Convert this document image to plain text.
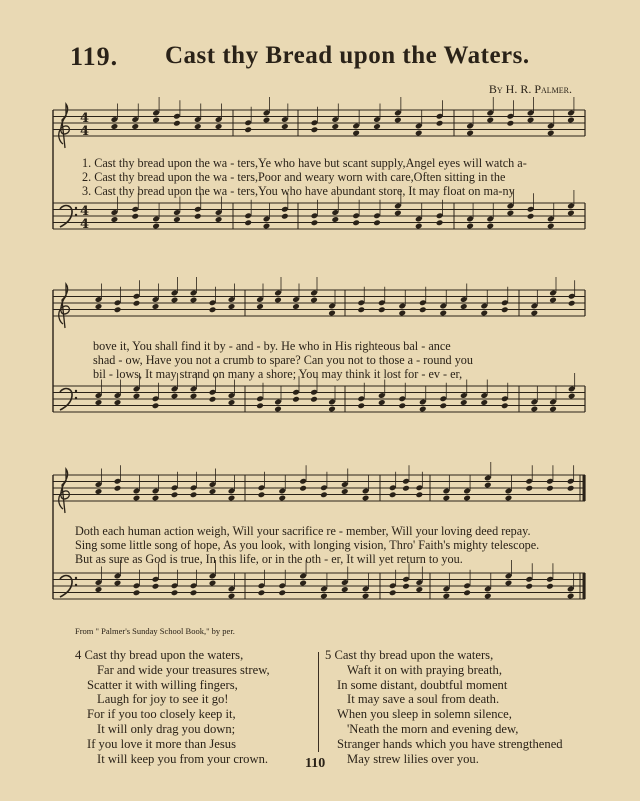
119. Cast thy Bread upon the Waters.
By H. R. Palmer.
4
4
4
4
1. Cast thy bread upon the wa - ters,Ye who have but scant supply,Angel eyes will watch a-
2. Cast thy bread upon the wa - ters,Poor and weary worn with care,Often sitting in the
3. Cast thy bread upon the wa - ters,You who have abundant store, It may float on ma-ny
bove it, You shall find it by - and - by. He who in His righteous bal - ance
shad - ow, Have you not a crumb to spare? Can you not to those a - round you
bil - lows, It may strand on many a shore; You may think it lost for - ev - er,
Doth each human action weigh, Will your sacrifice re - member, Will your loving deed repay.
Sing some little song of hope, As you look, with longing vision, Thro' Faith's mighty telescope.
But as sure as God is true, In this life, or in the oth - er, It will yet return to you.
From " Palmer's Sunday School Book," by per.
4 Cast thy bread upon the waters,
Far and wide your treasures strew,
Scatter it with willing fingers,
Laugh for joy to see it go!
For if you too closely keep it,
It will only drag you down;
If you love it more than Jesus
It will keep you from your crown.
5 Cast thy bread upon the waters,
Waft it on with praying breath,
In some distant, doubtful moment
It may save a soul from death.
When you sleep in solemn silence,
'Neath the morn and evening dew,
Stranger hands which you have strengthened
May strew lilies over you.
110
